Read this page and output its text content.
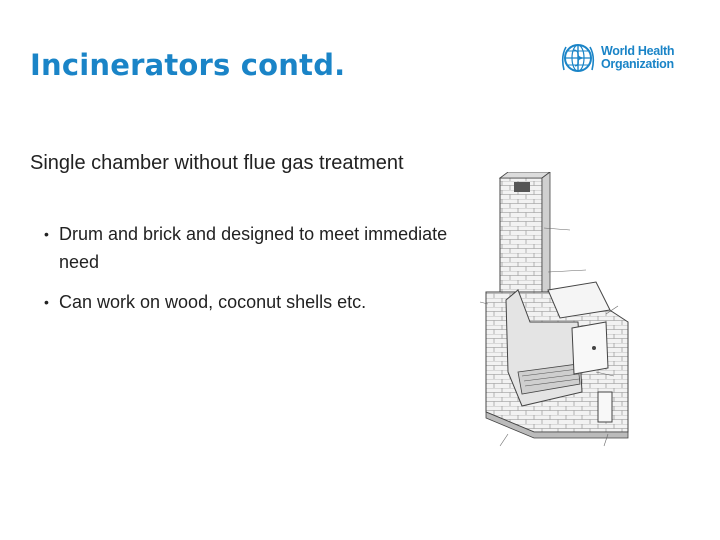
Incinerators contd.	World Health
Organization
Single chamber without flue gas treatment
• Drum and brick and designed to meet immediate need
• Can work on wood, coconut shells etc.
